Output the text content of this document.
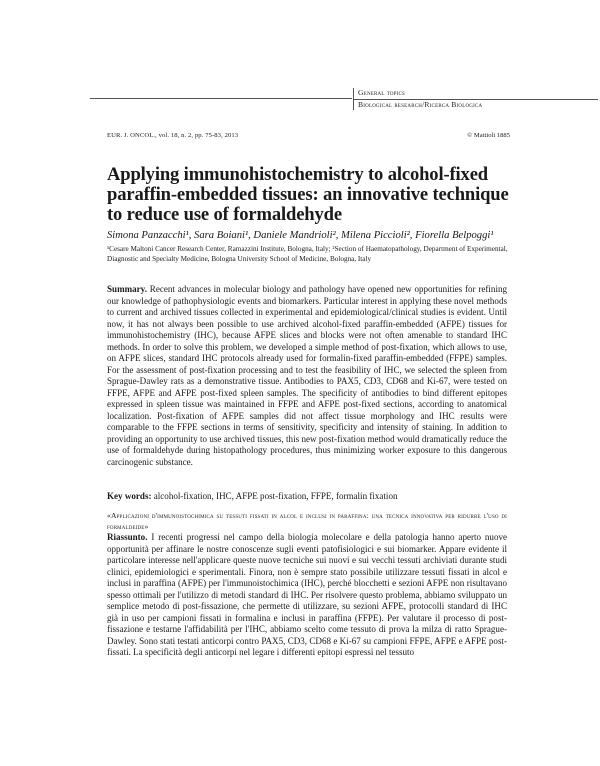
General topics
Biological research/Ricerca Biologica
EUR. J. ONCOL., vol. 18, n. 2, pp. 75-83, 2013	© Mattioli 1885
Applying immunohistochemistry to alcohol-fixed paraffin-embedded tissues: an innovative technique to reduce use of formaldehyde
Simona Panzacchi¹, Sara Boiani¹, Daniele Mandrioli², Milena Piccioli², Fiorella Belpoggi¹
¹Cesare Maltoni Cancer Research Center, Ramazzini Institute, Bologna, Italy; ²Section of Haematopathology, Department of Experimental, Diagnostic and Specialty Medicine, Bologna University School of Medicine, Bologna, Italy
Summary. Recent advances in molecular biology and pathology have opened new opportunities for refining our knowledge of pathophysiologic events and biomarkers. Particular interest in applying these novel methods to current and archived tissues collected in experimental and epidemiological/clinical studies is evident. Until now, it has not always been possible to use archived alcohol-fixed paraffin-embedded (AFPE) tissues for immunohistochemistry (IHC), because AFPE slices and blocks were not often amenable to standard IHC methods. In order to solve this problem, we developed a simple method of post-fixation, which allows to use, on AFPE slices, standard IHC protocols already used for formalin-fixed paraffin-embedded (FFPE) samples. For the assessment of post-fixation processing and to test the feasibility of IHC, we selected the spleen from Sprague-Dawley rats as a demonstrative tissue. Antibodies to PAX5, CD3, CD68 and Ki-67, were tested on FFPE, AFPE and AFPE post-fixed spleen samples. The specificity of antibodies to bind different epitopes expressed in spleen tissue was maintained in FFPE and AFPE post-fixed sections, according to anatomical localization. Post-fixation of AFPE samples did not affect tissue morphology and IHC results were comparable to the FFPE sections in terms of sensitivity, specificity and intensity of staining. In addition to providing an opportunity to use archived tissues, this new post-fixation method would dramatically reduce the use of formaldehyde during histopathology procedures, thus minimizing worker exposure to this dangerous carcinogenic substance.
Key words: alcohol-fixation, IHC, AFPE post-fixation, FFPE, formalin fixation
«Applicazioni d'immunoistochimica su tessuti fissati in alcol e inclusi in paraffina: una tecnica innovativa per ridurre l'uso di formaldeide»
Riassunto. I recenti progressi nel campo della biologia molecolare e della patologia hanno aperto nuove opportunità per affinare le nostre conoscenze sugli eventi patofisiologici e sui biomarker. Appare evidente il particolare interesse nell'applicare queste nuove tecniche sui nuovi e sui vecchi tessuti archiviati durante studi clinici, epidemiologici e sperimentali. Finora, non è sempre stato possibile utilizzare tessuti fissati in alcol e inclusi in paraffina (AFPE) per l'immunoistochimica (IHC), perché blocchetti e sezioni AFPE non risultavano spesso ottimali per l'utilizzo di metodi standard di IHC. Per risolvere questo problema, abbiamo sviluppato un semplice metodo di post-fissazione, che permette di utilizzare, su sezioni AFPE, protocolli standard di IHC già in uso per campioni fissati in formalina e inclusi in paraffina (FFPE). Per valutare il processo di post-fissazione e testarne l'affidabilità per l'IHC, abbiamo scelto come tessuto di prova la milza di ratto Sprague-Dawley. Sono stati testati anticorpi contro PAX5, CD3, CD68 e Ki-67 su campioni FFPE, AFPE e AFPE post-fissati. La specificità degli anticorpi nel legare i differenti epitopi espressi nel tessuto
